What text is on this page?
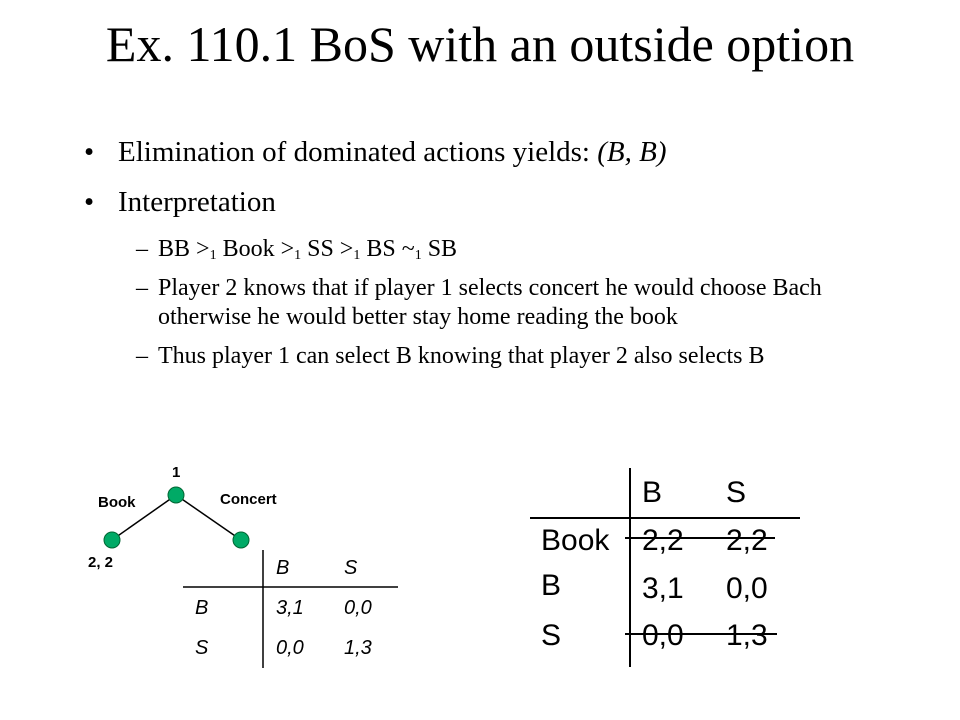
Ex. 110.1 BoS with an outside option
• Elimination of dominated actions yields: (B, B)
• Interpretation
– BB $>_1$ Book $>_1$ SS $>_1$ BS $\sim_1$ SB
– Player 2 knows that if player 1 selects concert he would choose Bach otherwise he would better stay home reading the book
– Thus player 1 can select B knowing that player 2 also selects B
1
Book	Concert
2, 2	B	S
B	3,1 0,0
S	0,0 1,3
B S
Book 2,2 2,2
B	3,1 0,0
S	0,0 1,3
